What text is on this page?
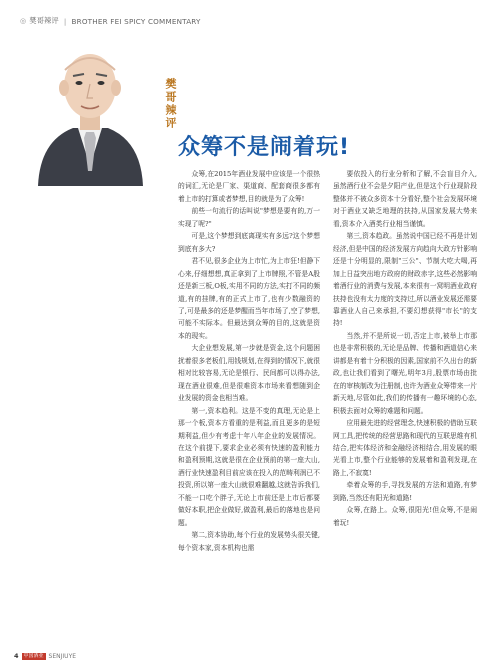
◎ 樊哥辣评 | BROTHER FEI SPICY COMMENTARY
樊哥辣评
众筹不是闹着玩!

众筹,在2015年酒业发展中应该是一个很热的词汇,无论是厂家、渠道商、配套商很多都有着上市的打算或者梦想,目的就是为了众筹!

前些一句流行的话叫说"梦想是要有的,万一实现了呢?"

可是,这个梦想到底离现实有多远?这个梦想到底有多大?

君不见,很多企业为上市忙,为上市狂!但静下心来,仔细想想,真正拿到了上市牌照,不管是A股还是新三板,O板,实用不同的方法,实打不同的频道,有的挂牌,有的正式上市了,也有少数融资的了,可是最多的还是梦醒而当年市场了,空了梦想,可能不实际本。但最达到众筹的目的,这就是资本的现实。

大企业想发展,第一步就是资金,这个问题困扰着很多老板们,用钱规划,在得到的情况下,就很相对比较容易,无论是银行、民间都可以得办法,现在酒业很难,但是很难资本市场来看想随到企业发展的资金也相当难。

第一,资本趋利。这是不变的真理,无论是上那一个板,资本方看重的是利益,而且更多的是短期利益,但少有考虑十年八年企业的发展情况。在这个前提下,要求企业必须有快速的盈利能力和盈利预期,这就是很在企业预前的第一座大山,酒行业快速盈利目前应该在投入的范畴利润已不投资,所以第一座大山就很难翻越,这就告诉我们,不能一口吃个胖子,无论上市前还是上市后都要做好本职,把企业做好,做盈利,最后的落地也是问题。

第二,资本协助,每个行业的发展势头很关键,每个资本家,资本机构也需

要依投入的行业分析和了解,不会盲目介入,虽然酒行业不会是夕阳产业,但是这个行业现阶段整体并不被众多资本十分看好,整个社会发展环境对于酒业又缺乏地理的扶持,从国家发展大势来看,资本介入酒类行业相当谨慎。

第三,资本趋政。虽然说中国已经不再是计划经济,但是中国的经济发展方向趋向大政方针影响还是十分明显的,限制"三公"、节制大吃大喝,再加上日益突出地方政府的财政赤字,这些必然影响着酒行业的消费与发展,本来很有一窝明酒业政府扶持也没有太力度的支持过,所以酒业发展还需要靠酒业人自己来承担,不要幻想获得"市长"的支持!

当然,并不是所说一切,否定上市,被举上市那也是非常积极的,无论是品牌、传播和酒道信心来讲都是有着十分积极的因素,国家前不久出台的新政,也让我们看到了曙光,明年3月,股票市场由批在的审核制改为注册制,也许为酒业众筹带来一片新天地,尽管如此,我们的传播有一趣环境的心态,积极去面对众筹的难题和问题。

应用最先进的经营理念,快速积极的借助互联网工具,把传统的经营思路和现代的互联思维有机结合,把实体经济和金融经济相结合,用发展的眼光看上市,整个行业能够的发展着和盈利发现,在路上,不寂寞!

牵着众筹的手,寻找发展的方法和道路,有梦到路,当然还有阳光和道路!

众筹,在路上。众筹,很阳光!但众筹,不是闹着玩!

4	中国酒业 SENJIUYE
